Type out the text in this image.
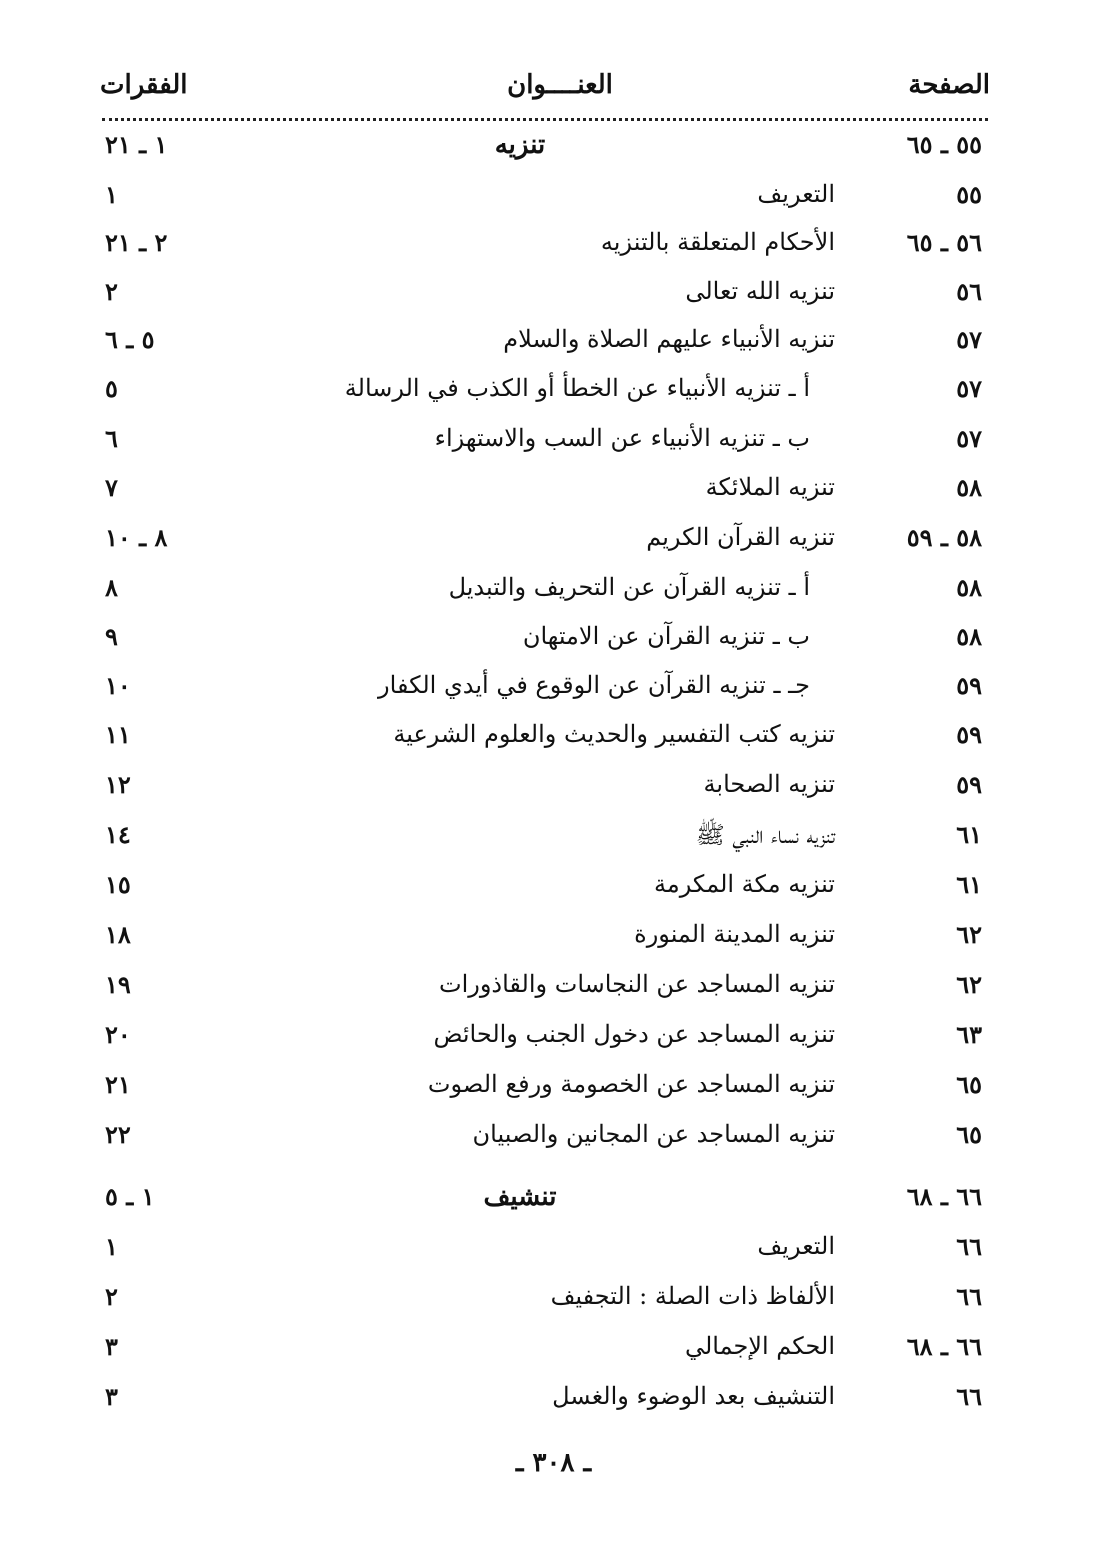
الصفحة
العنــــوان
الفقرات
٥٥ ـ ٦٥
تنزيه
١ ـ ٢١
٥٥
التعريف
١
٥٦ ـ ٦٥
الأحكام المتعلقة بالتنزيه
٢ ـ ٢١
٥٦
تنزيه الله تعالى
٢
٥٧
تنزيه الأنبياء عليهم الصلاة والسلام
٥ ـ ٦
٥٧
أ ـ تنزيه الأنبياء عن الخطأ أو الكذب في الرسالة
٥
٥٧
ب ـ تنزيه الأنبياء عن السب والاستهزاء
٦
٥٨
تنزيه الملائكة
٧
٥٨ ـ ٥٩
تنزيه القرآن الكريم
٨ ـ ١٠
٥٨
أ ـ تنزيه القرآن عن التحريف والتبديل
٨
٥٨
ب ـ تنزيه القرآن عن الامتهان
٩
٥٩
جـ ـ تنزيه القرآن عن الوقوع في أيدي الكفار
١٠
٥٩
تنزيه كتب التفسير والحديث والعلوم الشرعية
١١
٥٩
تنزيه الصحابة
١٢
٦١
تنزيه نساء النبي ﷺ
١٤
٦١
تنزيه مكة المكرمة
١٥
٦٢
تنزيه المدينة المنورة
١٨
٦٢
تنزيه المساجد عن النجاسات والقاذورات
١٩
٦٣
تنزيه المساجد عن دخول الجنب والحائض
٢٠
٦٥
تنزيه المساجد عن الخصومة ورفع الصوت
٢١
٦٥
تنزيه المساجد عن المجانين والصبيان
٢٢
٦٦ ـ ٦٨
تنشيف
١ ـ ٥
٦٦
التعريف
١
٦٦
الألفاظ ذات الصلة : التجفيف
٢
٦٦ ـ ٦٨
الحكم الإجمالي
٣
٦٦
التنشيف بعد الوضوء والغسل
٣
ـ ٣٠٨ ـ
